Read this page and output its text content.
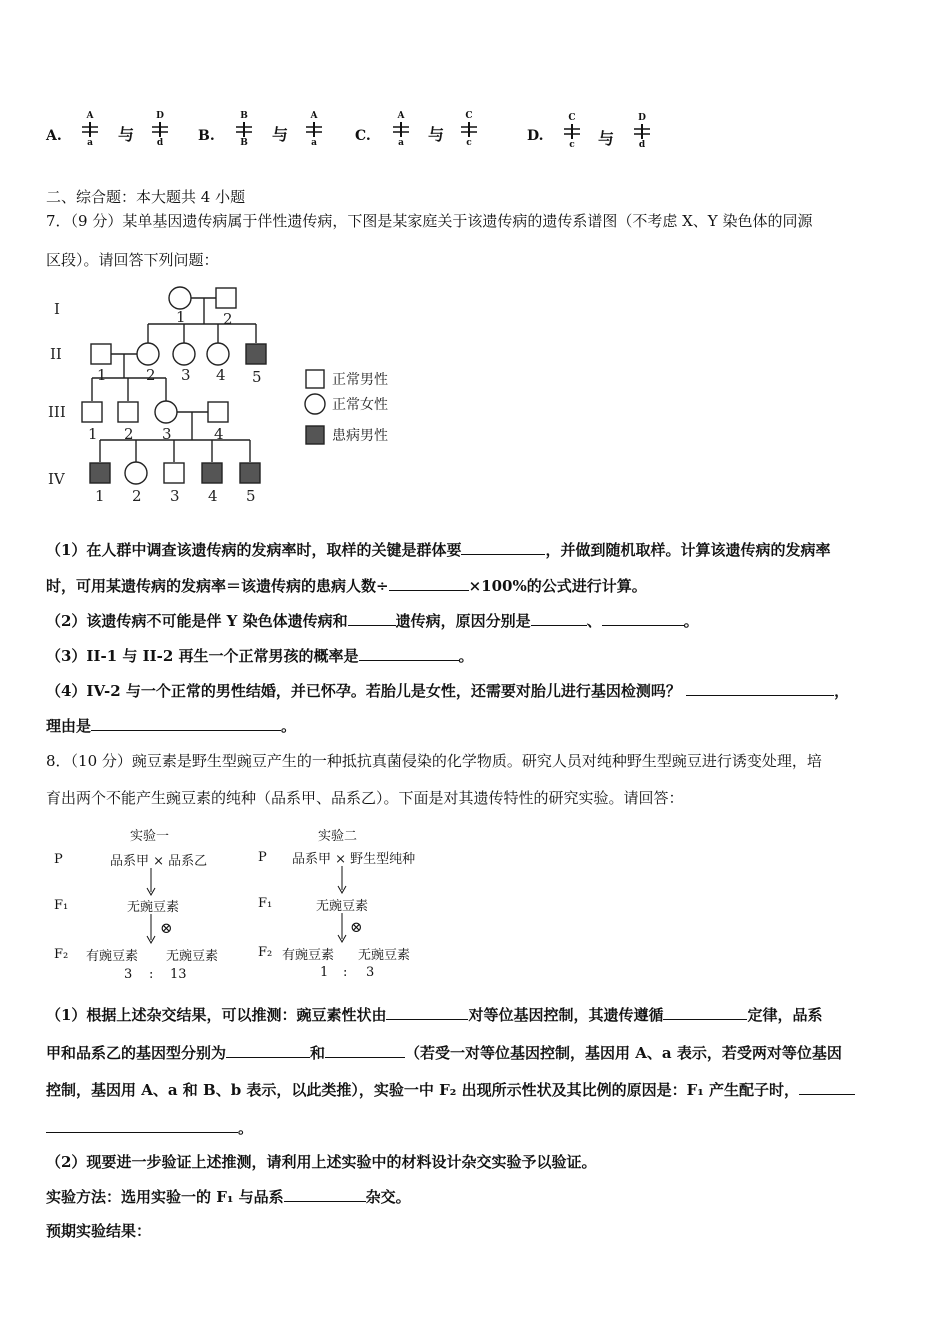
A.
A
a	与
D
d	B.
B
B 与
A
a	C.
A
a	与
C
c	D.
C
c	与
D
d
二、综合题：本大题共 4 小题
7．（9 分）某单基因遗传病属于伴性遗传病，下图是某家庭关于该遗传病的遗传系谱图（不考虑 X、Y 染色体的同源
区段）。请回答下列问题：
I
II
III
IV
1 2
1	2 3 4 5
1 2 3	4
1 2 3 4 5
正常男性
正常女性
患病男性
（1）在人群中调查该遗传病的发病率时，取样的关键是群体要	，并做到随机取样。计算该遗传病的发病率
时，可用某遗传病的发病率＝该遗传病的患病人数÷	×100%的公式进行计算。
（2）该遗传病不可能是伴 Y 染色体遗传病和	遗传病，原因分别是	、	。
（3）II-1 与 II-2 再生一个正常男孩的概率是	。
（4）IV-2 与一个正常的男性结婚，并已怀孕。若胎儿是女性，还需要对胎儿进行基因检测吗？	，
理由是	。
8．（10 分）豌豆素是野生型豌豆产生的一种抵抗真菌侵染的化学物质。研究人员对纯种野生型豌豆进行诱变处理，培
育出两个不能产生豌豆素的纯种（品系甲、品系乙）。下面是对其遗传特性的研究实验。请回答：
实验一
P	品系甲 × 品系乙
F₁	无豌豆素
⊗
F₂ 有豌豆素 无豌豆素
3 : 13
实验二
P 品系甲 × 野生型纯种
F₁	无豌豆素
⊗
F₂ 有豌豆素 无豌豆素
1 : 3
（1）根据上述杂交结果，可以推测：豌豆素性状由	对等位基因控制，其遗传遵循	定律，品系
甲和品系乙的基因型分别为	和	（若受一对等位基因控制，基因用 A、a 表示，若受两对等位基因
控制，基因用 A、a 和 B、b 表示，以此类推），实验一中 F₂ 出现所示性状及其比例的原因是：F₁ 产生配子时，
。
（2）现要进一步验证上述推测，请利用上述实验中的材料设计杂交实验予以验证。
实验方法：选用实验一的 F₁ 与品系	杂交。
预期实验结果：
